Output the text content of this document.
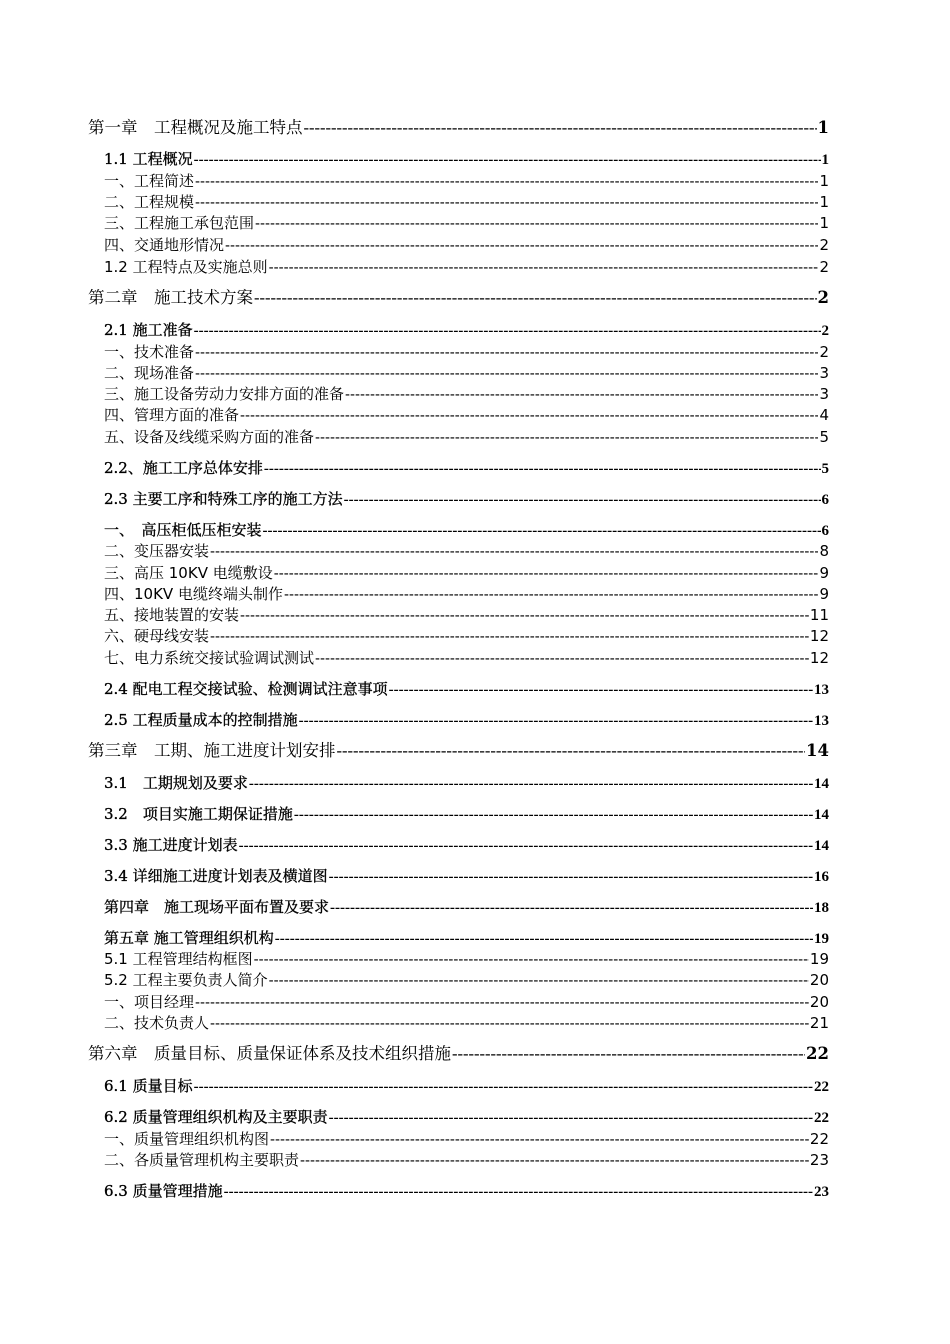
第一章　工程概况及施工特点 -----	1
1.1 工程概况 -----	1
一、工程简述 -----	1
二、工程规模 -----	1
三、工程施工承包范围 -----	1
四、交通地形情况 -----	2
1.2 工程特点及实施总则 -----	2
第二章　施工技术方案 -----	2
2.1 施工准备 -----	2
一、技术准备 -----	2
二、现场准备 -----	3
三、施工设备劳动力安排方面的准备 -----	3
四、管理方面的准备 -----	4
五、设备及线缆采购方面的准备 -----	5
2.2、施工工序总体安排 -----	5
2.3 主要工序和特殊工序的施工方法 -----	6
一、　高压柜低压柜安装 -----	6
二、变压器安装 -----	8
三、高压 10KV 电缆敷设 -----	9
四、10KV 电缆终端头制作 -----	9
五、接地装置的安装 -----	11
六、硬母线安装 -----	12
七、电力系统交接试验调试测试 -----	12
2.4 配电工程交接试验、检测调试注意事项 -----	13
2.5 工程质量成本的控制措施 -----	13
第三章　工期、施工进度计划安排 -----	14
3.1　工期规划及要求 -----	14
3.2　项目实施工期保证措施 -----	14
3.3 施工进度计划表 -----	14
3.4 详细施工进度计划表及横道图 -----	16
第四章　施工现场平面布置及要求 -----	18
第五章 施工管理组织机构 -----	19
5.1 工程管理结构框图 -----	19
5.2 工程主要负责人简介 -----	20
一、项目经理 -----	20
二、技术负责人 -----	21
第六章　质量目标、质量保证体系及技术组织措施 -----	22
6.1 质量目标 -----	22
6.2 质量管理组织机构及主要职责 -----	22
一、质量管理组织机构图 -----	22
二、各质量管理机构主要职责 -----	23
6.3 质量管理措施 -----	23
